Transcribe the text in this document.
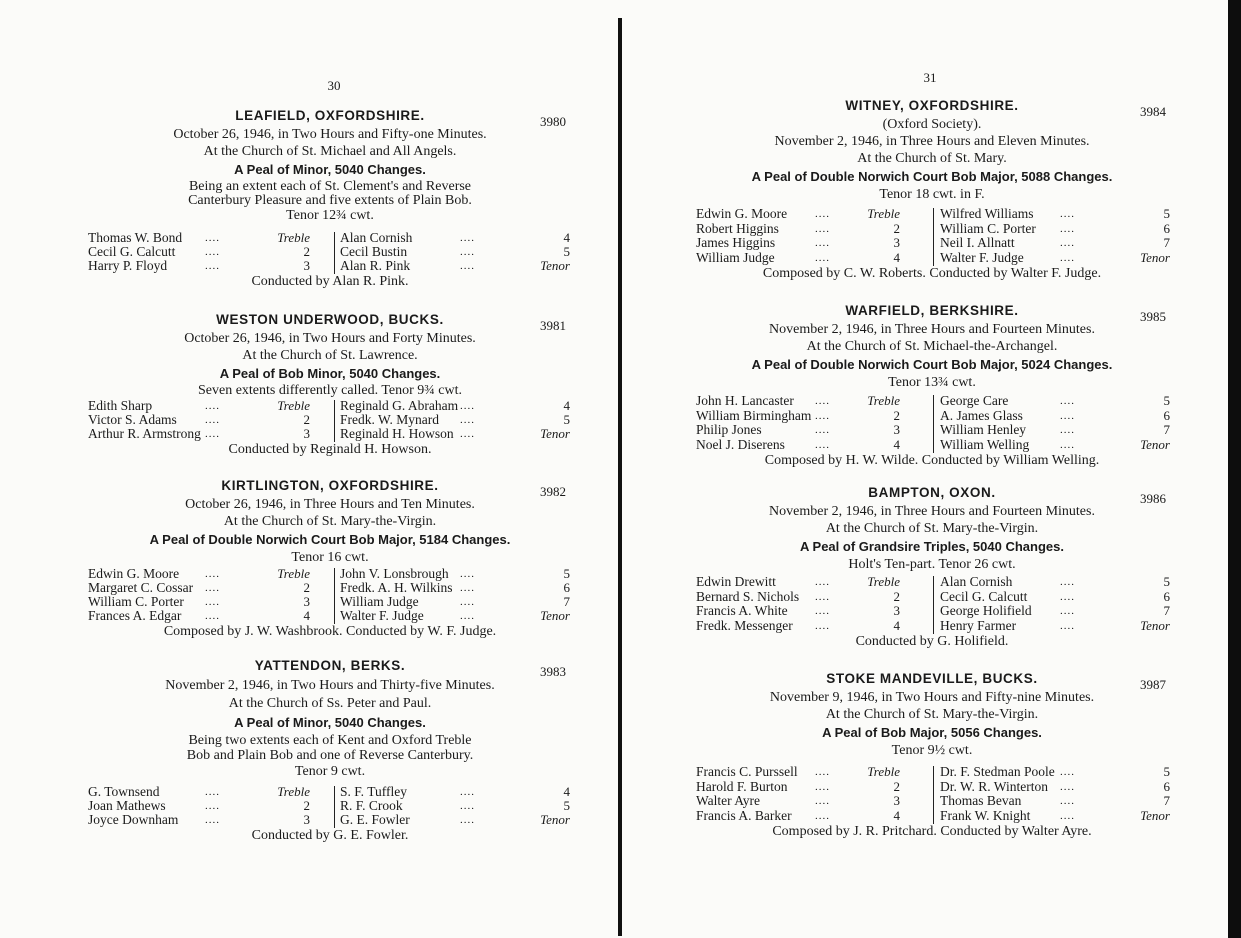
30
LEAFIELD, OXFORDSHIRE.	3980
October 26, 1946, in Two Hours and Fifty-one Minutes.
At the Church of St. Michael and All Angels.
A Peal of Minor, 5040 Changes.
Being an extent each of St. Clement's and Reverse
Canterbury Pleasure and five extents of Plain Bob.
Tenor 12¾ cwt.
Thomas W. Bond ....	Treble Alan Cornish	....	4
Cecil G. Calcutt	....	2 Cecil Bustin	....	5
Harry P. Floyd	....	3 Alan R. Pink	....	Tenor
Conducted by Alan R. Pink.
WESTON UNDERWOOD, BUCKS.	3981
October 26, 1946, in Two Hours and Forty Minutes.
At the Church of St. Lawrence.
A Peal of Bob Minor, 5040 Changes.
Seven extents differently called. Tenor 9¾ cwt.
Edith Sharp	....	Treble Reginald G. Abraham ....	4
Victor S. Adams	....	2 Fredk. W. Mynard ....	5
Arthur R. Armstrong ....	3 Reginald H. Howson ....	Tenor
Conducted by Reginald H. Howson.
KIRTLINGTON, OXFORDSHIRE.	3982
October 26, 1946, in Three Hours and Ten Minutes.
At the Church of St. Mary-the-Virgin.
A Peal of Double Norwich Court Bob Major, 5184 Changes.
Tenor 16 cwt.
Edwin G. Moore ....	Treble John V. Lonsbrough ....	5
Margaret C. Cossar ....	2 Fredk. A. H. Wilkins ....	6
William C. Porter ....	3 William Judge	....	7
Frances A. Edgar ....	4 Walter F. Judge	....	Tenor
Composed by J. W. Washbrook. Conducted by W. F. Judge.
YATTENDON, BERKS.	3983
November 2, 1946, in Two Hours and Thirty-five Minutes.
At the Church of Ss. Peter and Paul.
A Peal of Minor, 5040 Changes.
Being two extents each of Kent and Oxford Treble
Bob and Plain Bob and one of Reverse Canterbury.
Tenor 9 cwt.
G. Townsend	....	Treble S. F. Tuffley	....	4
Joan Mathews	....	2 R. F. Crook	....	5
Joyce Downham ....	3 G. E. Fowler	....	Tenor
Conducted by G. E. Fowler.
31
WITNEY, OXFORDSHIRE.	3984
(Oxford Society).
November 2, 1946, in Three Hours and Eleven Minutes.
At the Church of St. Mary.
A Peal of Double Norwich Court Bob Major, 5088 Changes.
Tenor 18 cwt. in F.
Edwin G. Moore	....	Treble	Wilfred Williams ....	5
Robert Higgins	....	2	William C. Porter ....	6
James Higgins	....	3	Neil I. Allnatt	....	7
William Judge	....	4	Walter F. Judge	....	Tenor
Composed by C. W. Roberts. Conducted by Walter F. Judge.
WARFIELD, BERKSHIRE.	3985
November 2, 1946, in Three Hours and Fourteen Minutes.
At the Church of St. Michael-the-Archangel.
A Peal of Double Norwich Court Bob Major, 5024 Changes.
Tenor 13¾ cwt.
John H. Lancaster ....	Treble	George Care	....	5
William Birmingham ....	2	A. James Glass	....	6
Philip Jones	....	3	William Henley	....	7
Noel J. Diserens	....	4	William Welling	....	Tenor
Composed by H. W. Wilde. Conducted by William Welling.
BAMPTON, OXON.	3986
November 2, 1946, in Three Hours and Fourteen Minutes.
At the Church of St. Mary-the-Virgin.
A Peal of Grandsire Triples, 5040 Changes.
Holt's Ten-part. Tenor 26 cwt.
Edwin Drewitt	....	Treble	Alan Cornish	....	5
Bernard S. Nichols ....	2	Cecil G. Calcutt	....	6
Francis A. White ....	3	George Holifield	....	7
Fredk. Messenger ....	4	Henry Farmer	....	Tenor
Conducted by G. Holifield.
STOKE MANDEVILLE, BUCKS.	3987
November 9, 1946, in Two Hours and Fifty-nine Minutes.
At the Church of St. Mary-the-Virgin.
A Peal of Bob Major, 5056 Changes.
Tenor 9½ cwt.
Francis C. Purssell ....	Treble	Dr. F. Stedman Poole ....	5
Harold F. Burton ....	2	Dr. W. R. Winterton ....	6
Walter Ayre	....	3	Thomas Bevan	....	7
Francis A. Barker ....	4	Frank W. Knight	....	Tenor
Composed by J. R. Pritchard. Conducted by Walter Ayre.
